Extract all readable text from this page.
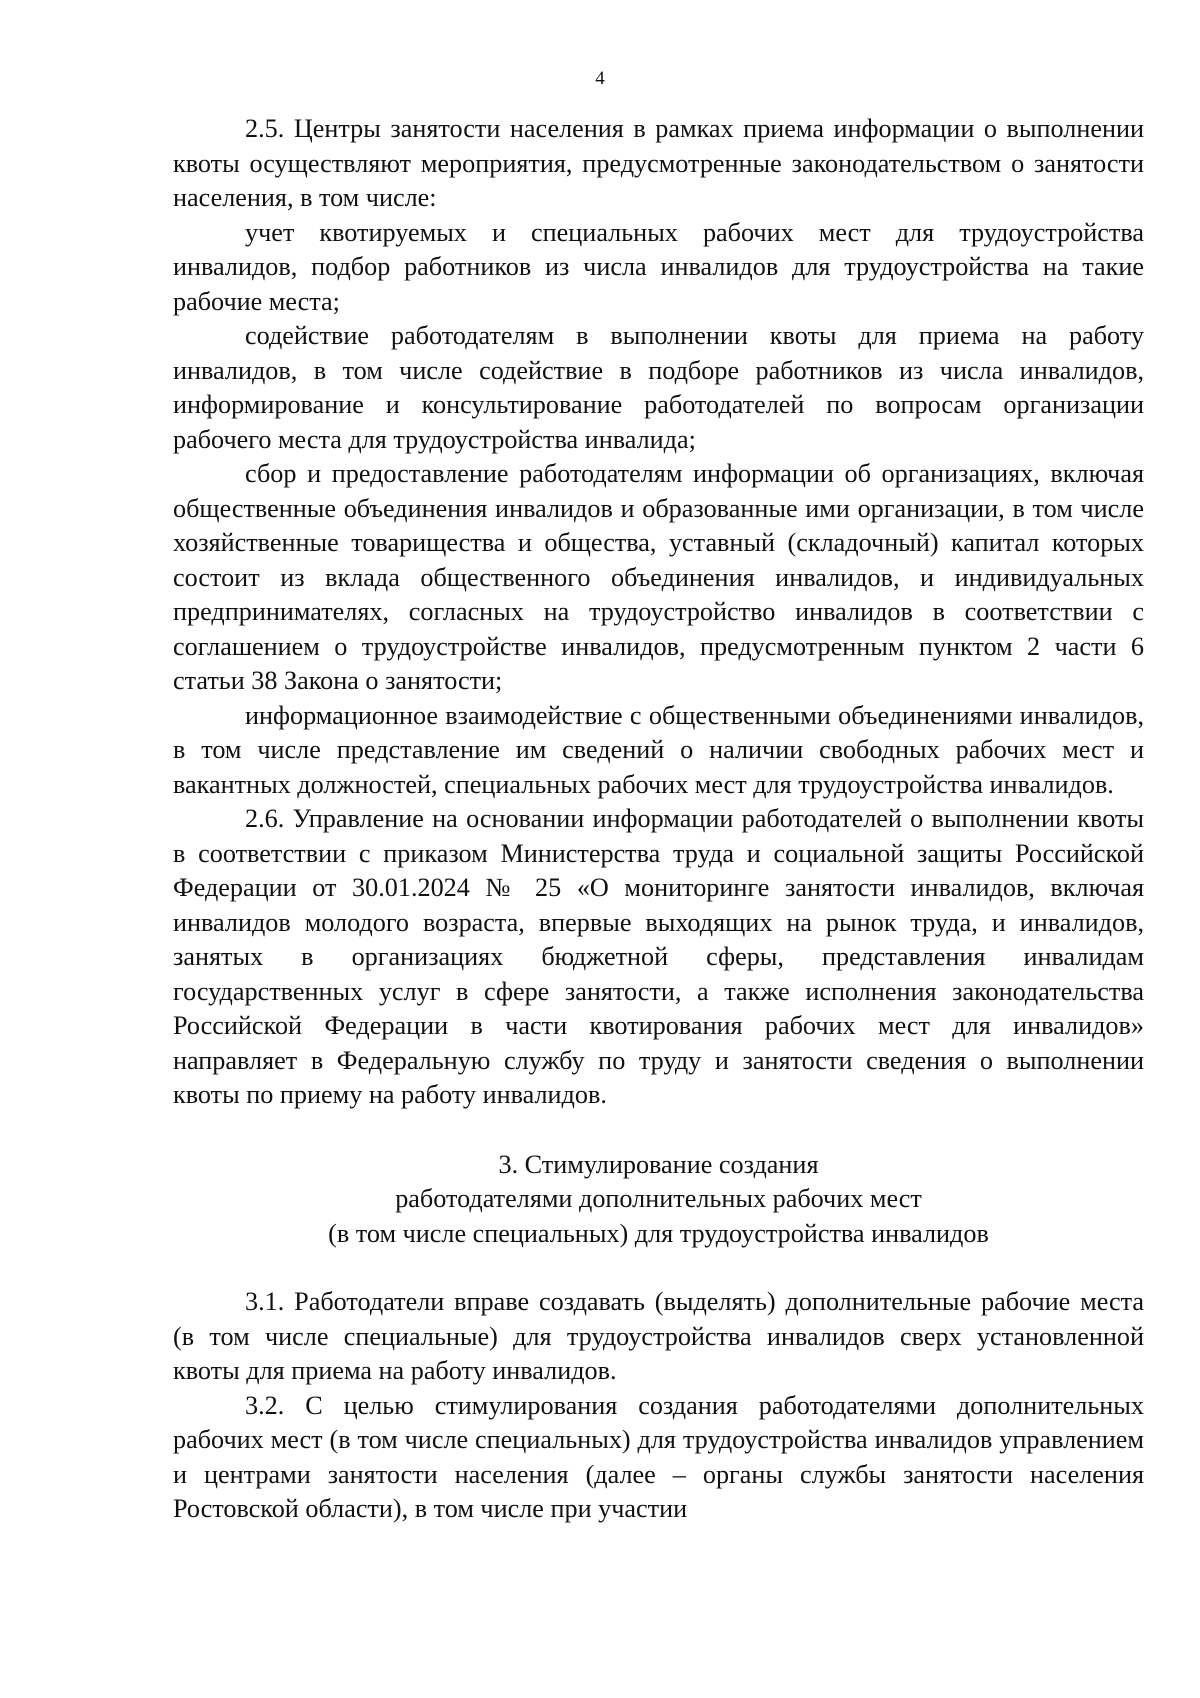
4

2.5. Центры занятости населения в рамках приема информации о выполнении квоты осуществляют мероприятия, предусмотренные законодательством о занятости населения, в том числе:

учет квотируемых и специальных рабочих мест для трудоустройства инвалидов, подбор работников из числа инвалидов для трудоустройства на такие рабочие места;

содействие работодателям в выполнении квоты для приема на работу инвалидов, в том числе содействие в подборе работников из числа инвалидов, информирование и консультирование работодателей по вопросам организации рабочего места для трудоустройства инвалида;

сбор и предоставление работодателям информации об организациях, включая общественные объединения инвалидов и образованные ими организации, в том числе хозяйственные товарищества и общества, уставный (складочный) капитал которых состоит из вклада общественного объединения инвалидов, и индивидуальных предпринимателях, согласных на трудоустройство инвалидов в соответствии с соглашением о трудоустройстве инвалидов, предусмотренным пунктом 2 части 6 статьи 38 Закона о занятости;

информационное взаимодействие с общественными объединениями инвалидов, в том числе представление им сведений о наличии свободных рабочих мест и вакантных должностей, специальных рабочих мест для трудоустройства инвалидов.

2.6. Управление на основании информации работодателей о выполнении квоты в соответствии с приказом Министерства труда и социальной защиты Российской Федерации от 30.01.2024 № 25 «О мониторинге занятости инвалидов, включая инвалидов молодого возраста, впервые выходящих на рынок труда, и инвалидов, занятых в организациях бюджетной сферы, представления инвалидам государственных услуг в сфере занятости, а также исполнения законодательства Российской Федерации в части квотирования рабочих мест для инвалидов» направляет в Федеральную службу по труду и занятости сведения о выполнении квоты по приему на работу инвалидов.

3. Стимулирование создания
работодателями дополнительных рабочих мест
(в том числе специальных) для трудоустройства инвалидов

3.1. Работодатели вправе создавать (выделять) дополнительные рабочие места (в том числе специальные) для трудоустройства инвалидов сверх установленной квоты для приема на работу инвалидов.

3.2. С целью стимулирования создания работодателями дополнительных рабочих мест (в том числе специальных) для трудоустройства инвалидов управлением и центрами занятости населения (далее – органы службы занятости населения Ростовской области), в том числе при участии
